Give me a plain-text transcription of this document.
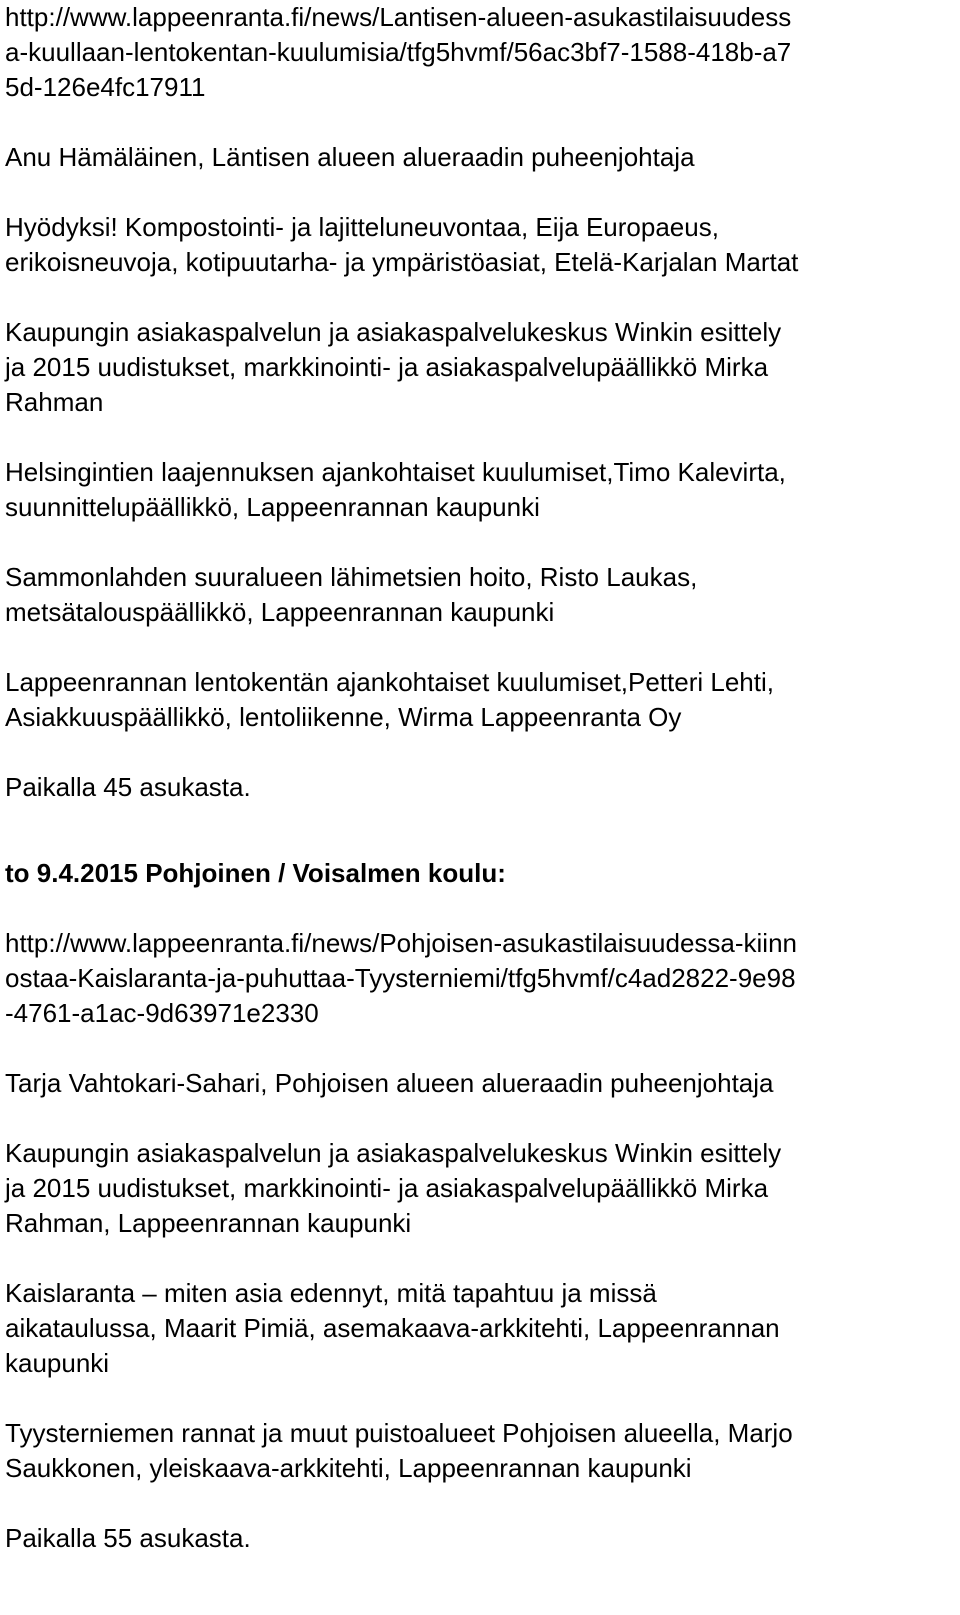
http://www.lappeenranta.fi/news/Lantisen-alueen-asukastilaisuudess
a-kuullaan-lentokentan-kuulumisia/tfg5hvmf/56ac3bf7-1588-418b-a7
5d-126e4fc17911
Anu Hämäläinen, Läntisen alueen alueraadin puheenjohtaja
Hyödyksi! Kompostointi- ja lajitteluneuvontaa, Eija Europaeus,
erikoisneuvoja, kotipuutarha- ja ympäristöasiat, Etelä-Karjalan Martat
Kaupungin asiakaspalvelun ja asiakaspalvelukeskus Winkin esittely
ja 2015 uudistukset, markkinointi- ja asiakaspalvelupäällikkö Mirka
Rahman
Helsingintien laajennuksen ajankohtaiset kuulumiset,Timo Kalevirta,
suunnittelupäällikkö, Lappeenrannan kaupunki
Sammonlahden suuralueen lähimetsien hoito, Risto Laukas,
metsätalouspäällikkö, Lappeenrannan kaupunki
Lappeenrannan lentokentän ajankohtaiset kuulumiset,Petteri Lehti,
Asiakkuuspäällikkö, lentoliikenne, Wirma Lappeenranta Oy
Paikalla 45 asukasta.
to 9.4.2015 Pohjoinen / Voisalmen koulu:
http://www.lappeenranta.fi/news/Pohjoisen-asukastilaisuudessa-kiinn
ostaa-Kaislaranta-ja-puhuttaa-Tyysterniemi/tfg5hvmf/c4ad2822-9e98
-4761-a1ac-9d63971e2330
Tarja Vahtokari-Sahari, Pohjoisen alueen alueraadin puheenjohtaja
Kaupungin asiakaspalvelun ja asiakaspalvelukeskus Winkin esittely
ja 2015 uudistukset, markkinointi- ja asiakaspalvelupäällikkö Mirka
Rahman, Lappeenrannan kaupunki
Kaislaranta – miten asia edennyt, mitä tapahtuu ja missä
aikataulussa, Maarit Pimiä, asemakaava-arkkitehti, Lappeenrannan
kaupunki
Tyysterniemen rannat ja muut puistoalueet Pohjoisen alueella, Marjo
Saukkonen, yleiskaava-arkkitehti, Lappeenrannan kaupunki
Paikalla 55 asukasta.
